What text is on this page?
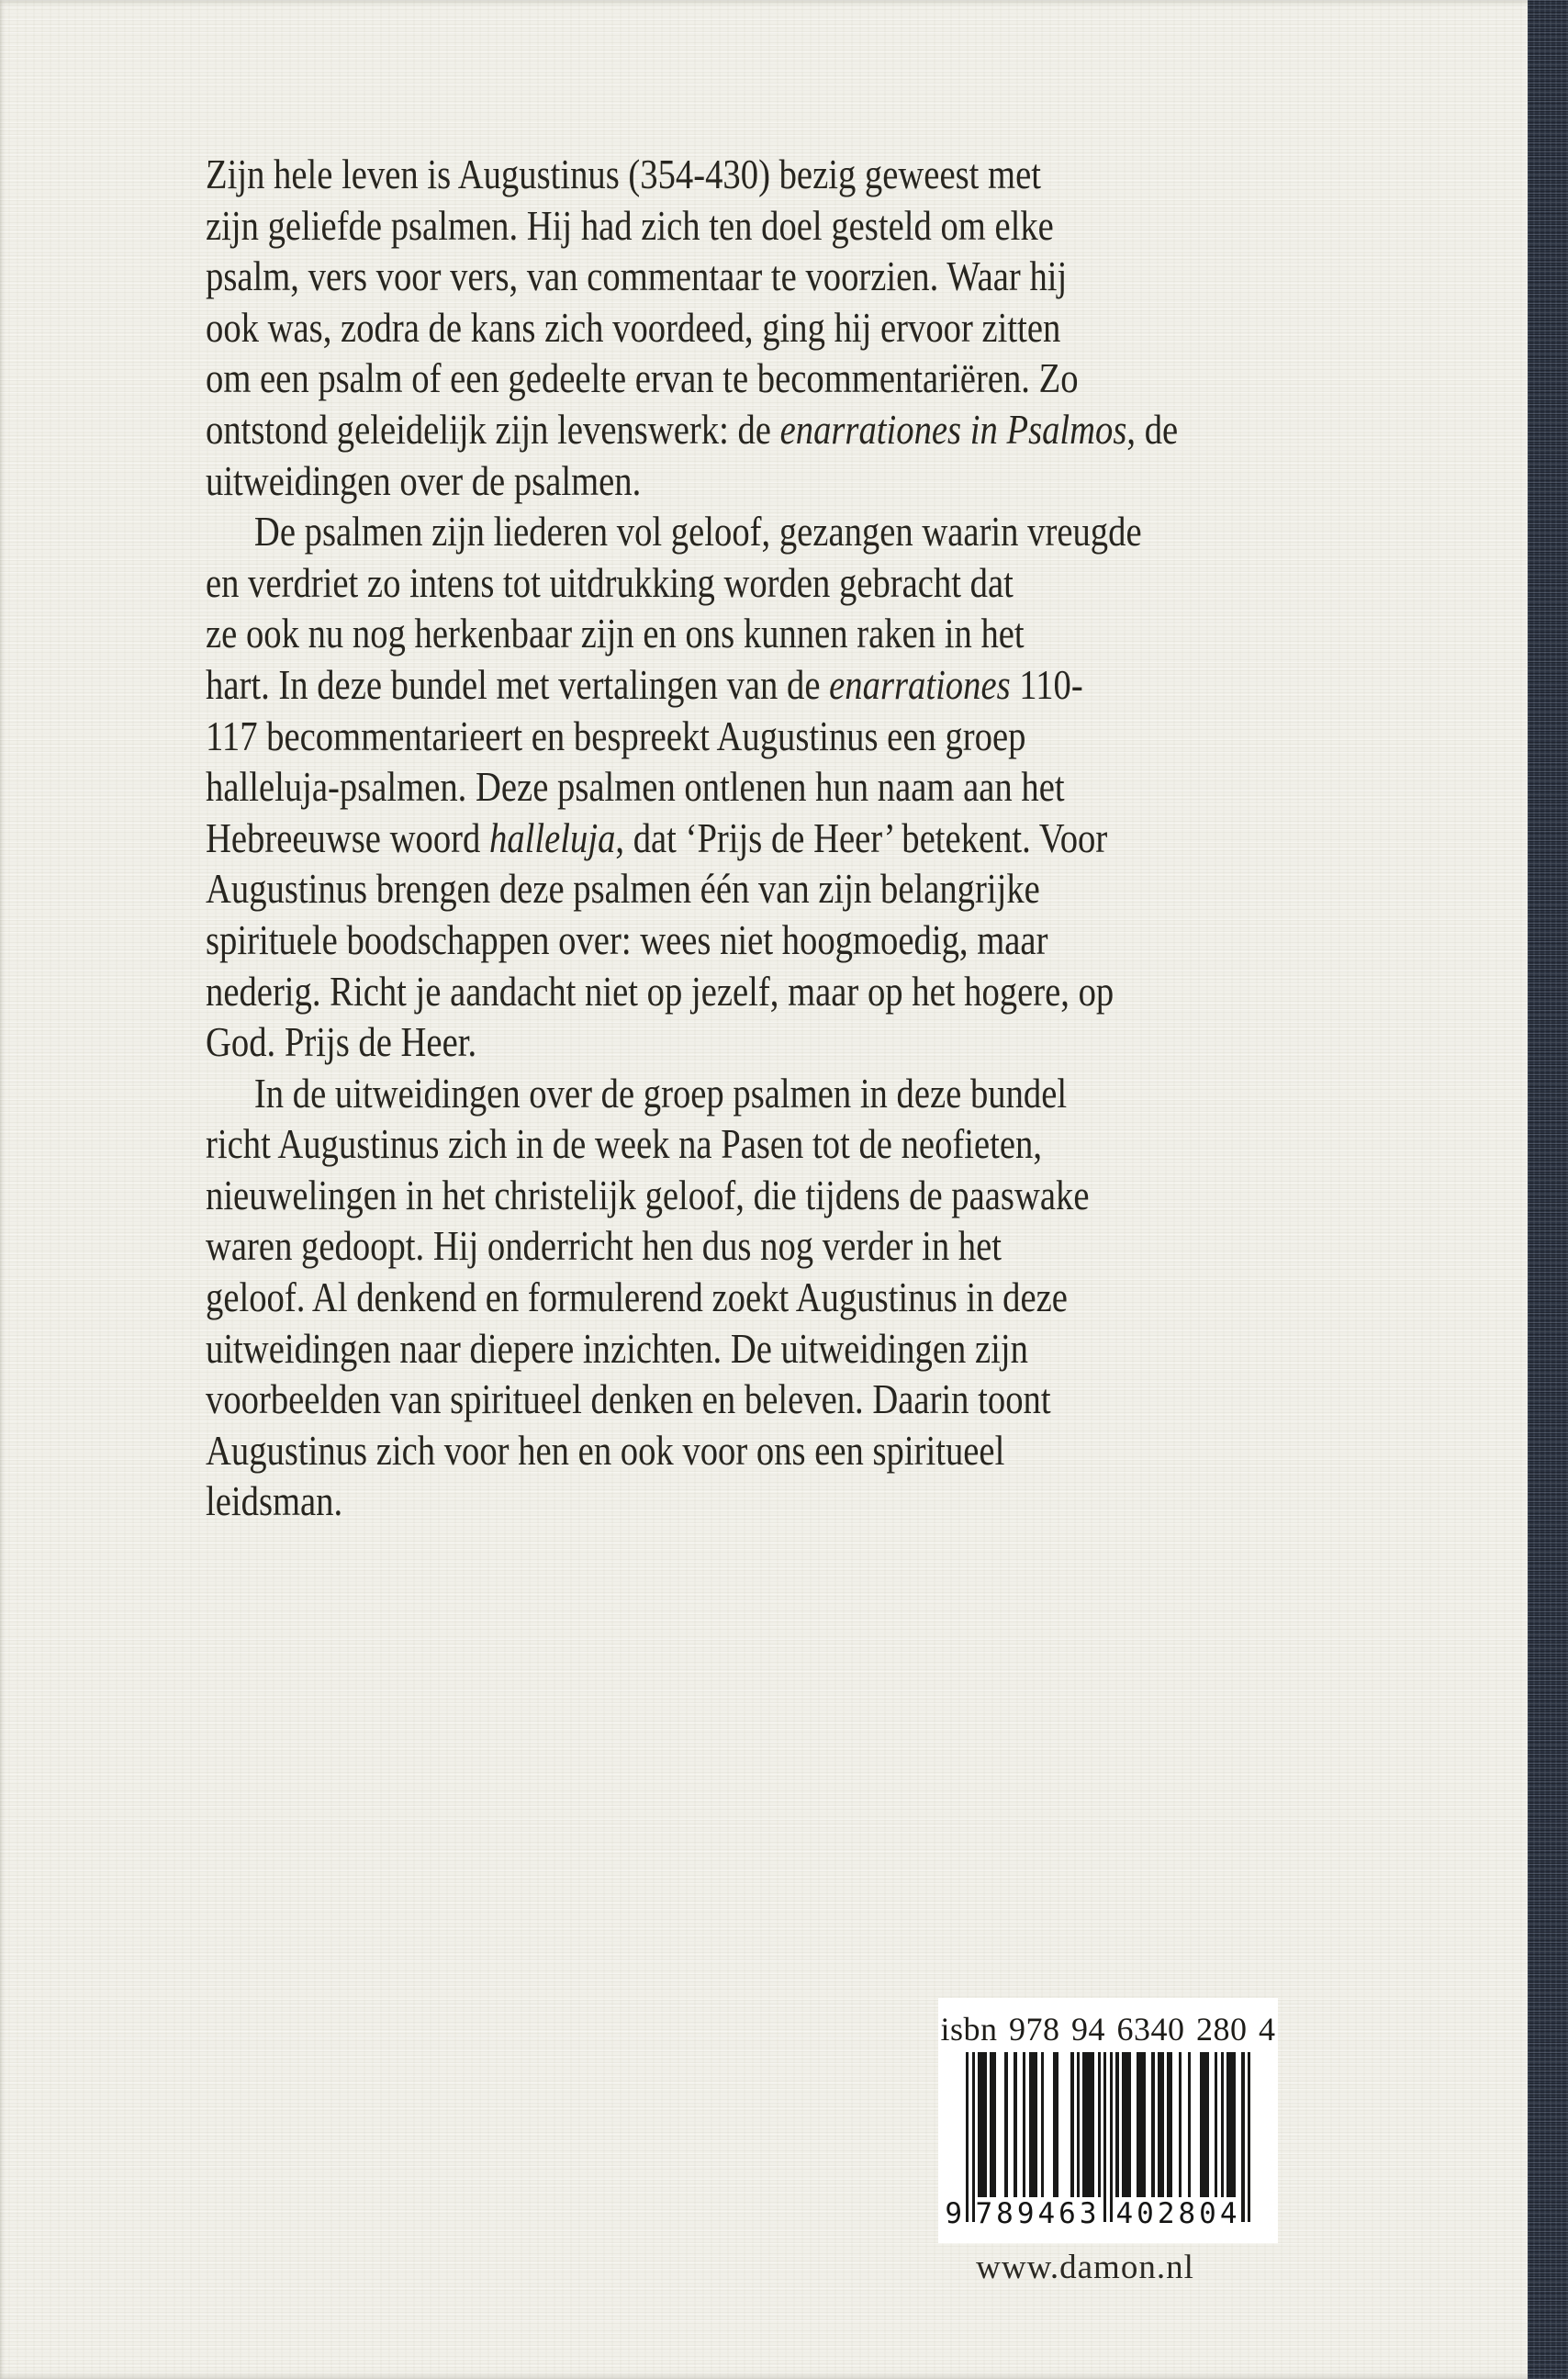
Zijn hele leven is Augustinus (354-430) bezig geweest met
zijn geliefde psalmen. Hij had zich ten doel gesteld om elke
psalm, vers voor vers, van commentaar te voorzien. Waar hij
ook was, zodra de kans zich voordeed, ging hij ervoor zitten
om een psalm of een gedeelte ervan te becommentariëren. Zo
ontstond geleidelijk zijn levenswerk: de enarrationes in Psalmos, de
uitweidingen over de psalmen.
De psalmen zijn liederen vol geloof, gezangen waarin vreugde
en verdriet zo intens tot uitdrukking worden gebracht dat
ze ook nu nog herkenbaar zijn en ons kunnen raken in het
hart. In deze bundel met vertalingen van de enarrationes 110-
117 becommentarieert en bespreekt Augustinus een groep
halleluja-psalmen. Deze psalmen ontlenen hun naam aan het
Hebreeuwse woord halleluja, dat ‘Prijs de Heer’ betekent. Voor
Augustinus brengen deze psalmen één van zijn belangrijke
spirituele boodschappen over: wees niet hoogmoedig, maar
nederig. Richt je aandacht niet op jezelf, maar op het hogere, op
God. Prijs de Heer.
In de uitweidingen over de groep psalmen in deze bundel
richt Augustinus zich in de week na Pasen tot de neofieten,
nieuwelingen in het christelijk geloof, die tijdens de paaswake
waren gedoopt. Hij onderricht hen dus nog verder in het
geloof. Al denkend en formulerend zoekt Augustinus in deze
uitweidingen naar diepere inzichten. De uitweidingen zijn
voorbeelden van spiritueel denken en beleven. Daarin toont
Augustinus zich voor hen en ook voor ons een spiritueel
leidsman.
isbn 978 94 6340 280 4
9 789463 402804
www.damon.nl
